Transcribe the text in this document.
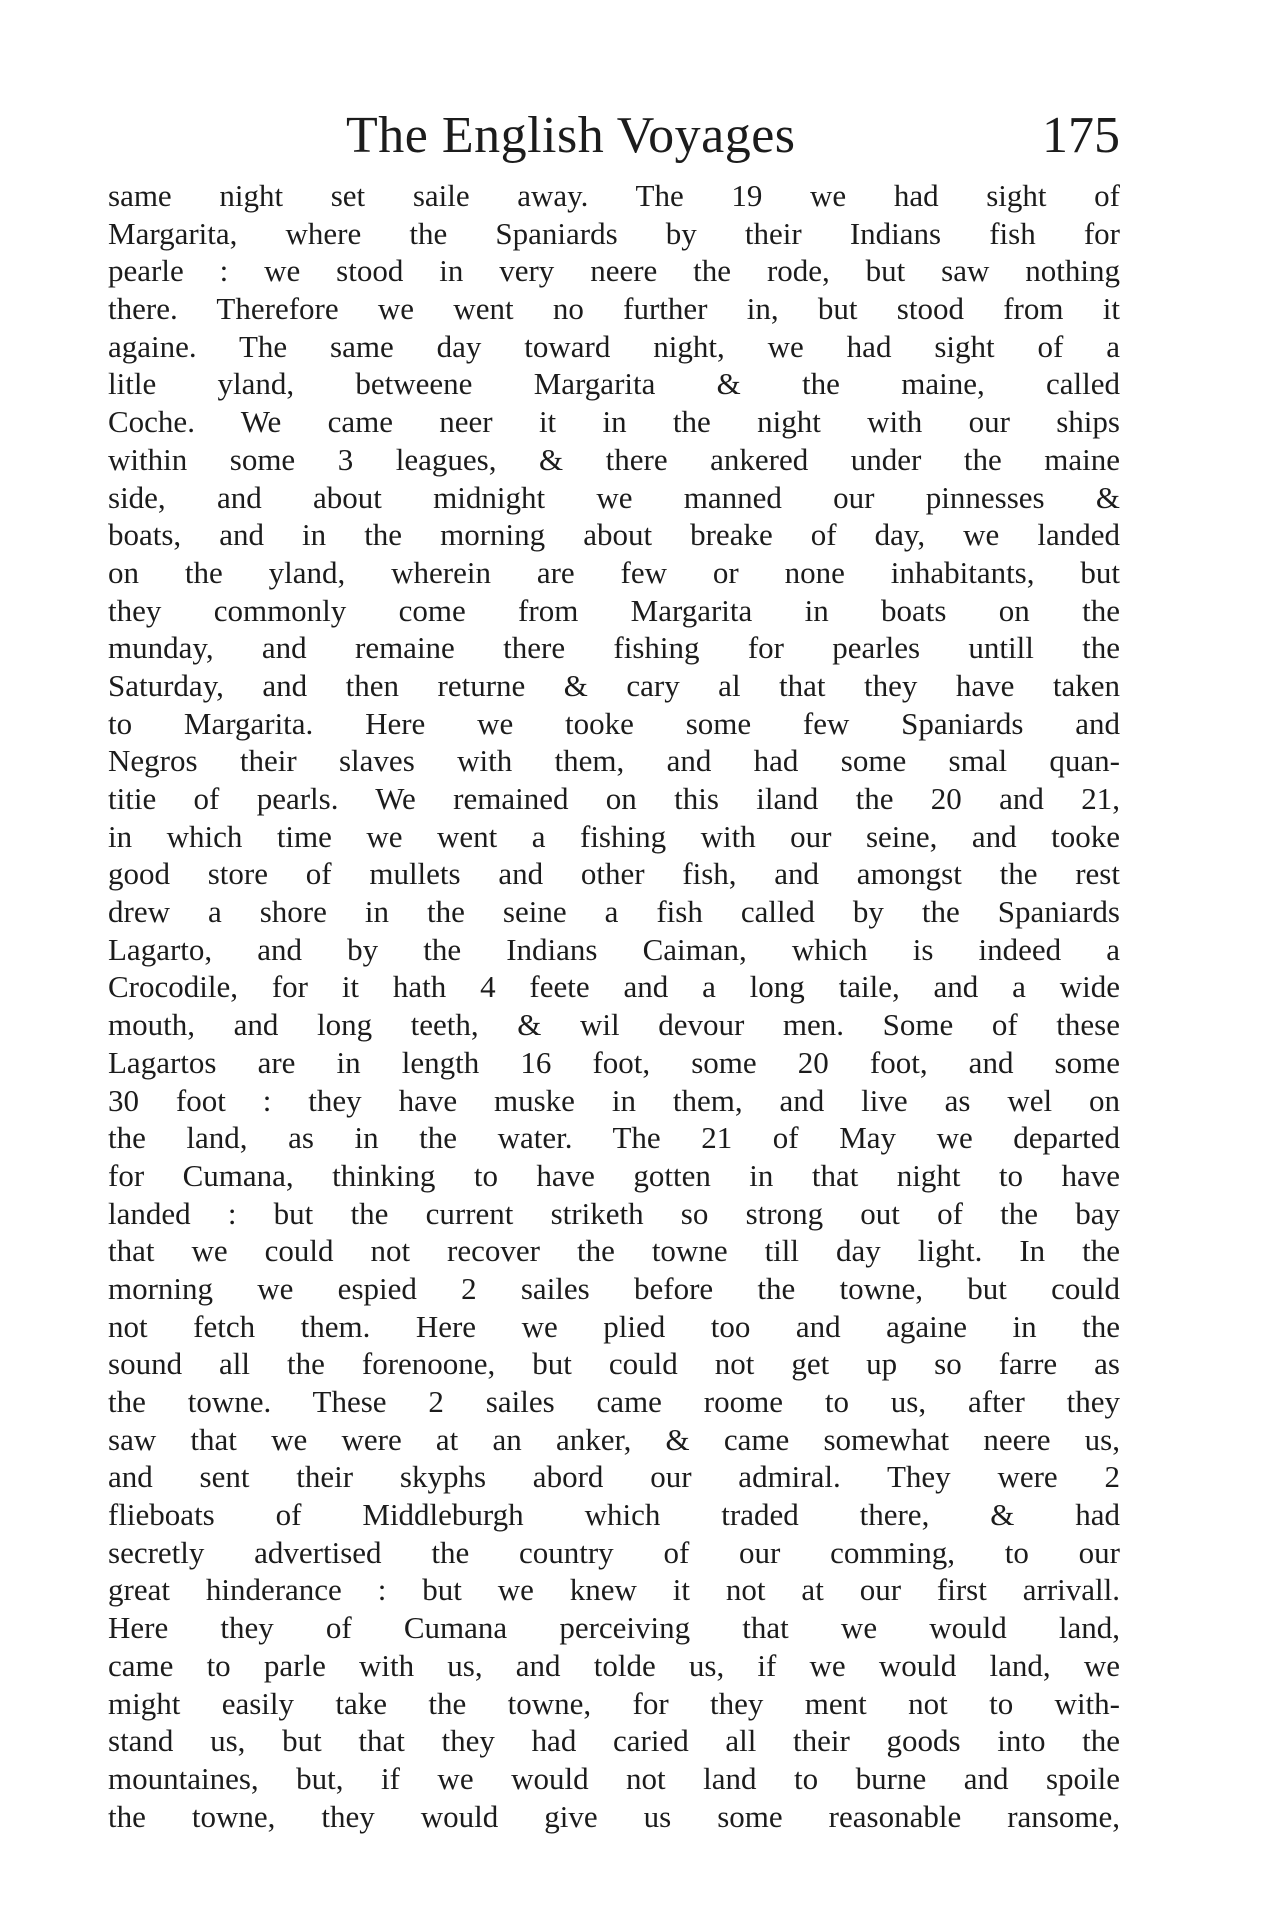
The English Voyages	175
same night set saile away. The 19 we had sight of
Margarita, where the Spaniards by their Indians fish for
pearle : we stood in very neere the rode, but saw nothing
there. Therefore we went no further in, but stood from it
againe. The same day toward night, we had sight of a
litle yland, betweene Margarita & the maine, called
Coche. We came neer it in the night with our ships
within some 3 leagues, & there ankered under the maine
side, and about midnight we manned our pinnesses &
boats, and in the morning about breake of day, we landed
on the yland, wherein are few or none inhabitants, but
they commonly come from Margarita in boats on the
munday, and remaine there fishing for pearles untill the
Saturday, and then returne & cary al that they have taken
to Margarita. Here we tooke some few Spaniards and
Negros their slaves with them, and had some smal quan-
titie of pearls. We remained on this iland the 20 and 21,
in which time we went a fishing with our seine, and tooke
good store of mullets and other fish, and amongst the rest
drew a shore in the seine a fish called by the Spaniards
Lagarto, and by the Indians Caiman, which is indeed a
Crocodile, for it hath 4 feete and a long taile, and a wide
mouth, and long teeth, & wil devour men. Some of these
Lagartos are in length 16 foot, some 20 foot, and some
30 foot : they have muske in them, and live as wel on
the land, as in the water. The 21 of May we departed
for Cumana, thinking to have gotten in that night to have
landed : but the current striketh so strong out of the bay
that we could not recover the towne till day light. In the
morning we espied 2 sailes before the towne, but could
not fetch them. Here we plied too and againe in the
sound all the forenoone, but could not get up so farre as
the towne. These 2 sailes came roome to us, after they
saw that we were at an anker, & came somewhat neere us,
and sent their skyphs abord our admiral. They were 2
flieboats of Middleburgh which traded there, & had
secretly advertised the country of our comming, to our
great hinderance : but we knew it not at our first arrivall.
Here they of Cumana perceiving that we would land,
came to parle with us, and tolde us, if we would land, we
might easily take the towne, for they ment not to with-
stand us, but that they had caried all their goods into the
mountaines, but, if we would not land to burne and spoile
the towne, they would give us some reasonable ransome,
